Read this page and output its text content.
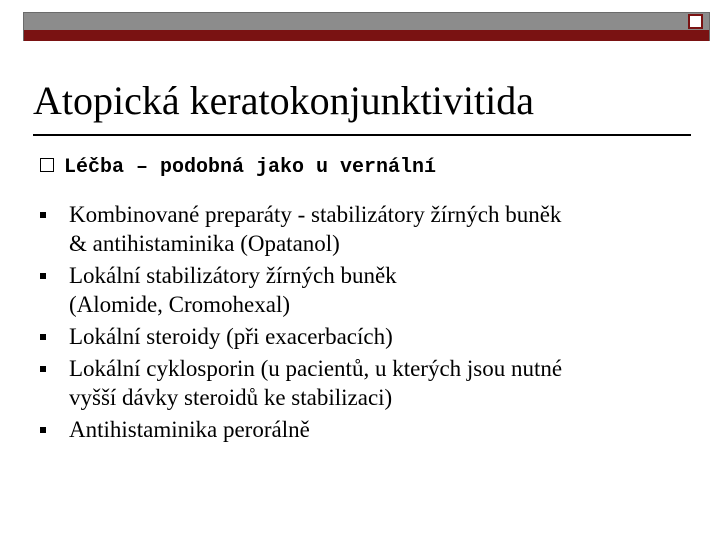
Atopická keratokonjunktivitida
Léčba – podobná jako u vernální
Kombinované preparáty - stabilizátory žírných buněk
& antihistaminika (Opatanol)
Lokální stabilizátory žírných buněk
(Alomide, Cromohexal)
Lokální steroidy (při exacerbacích)
Lokální cyklosporin (u pacientů, u kterých jsou nutné
vyšší dávky steroidů ke stabilizaci)
Antihistaminika perorálně
